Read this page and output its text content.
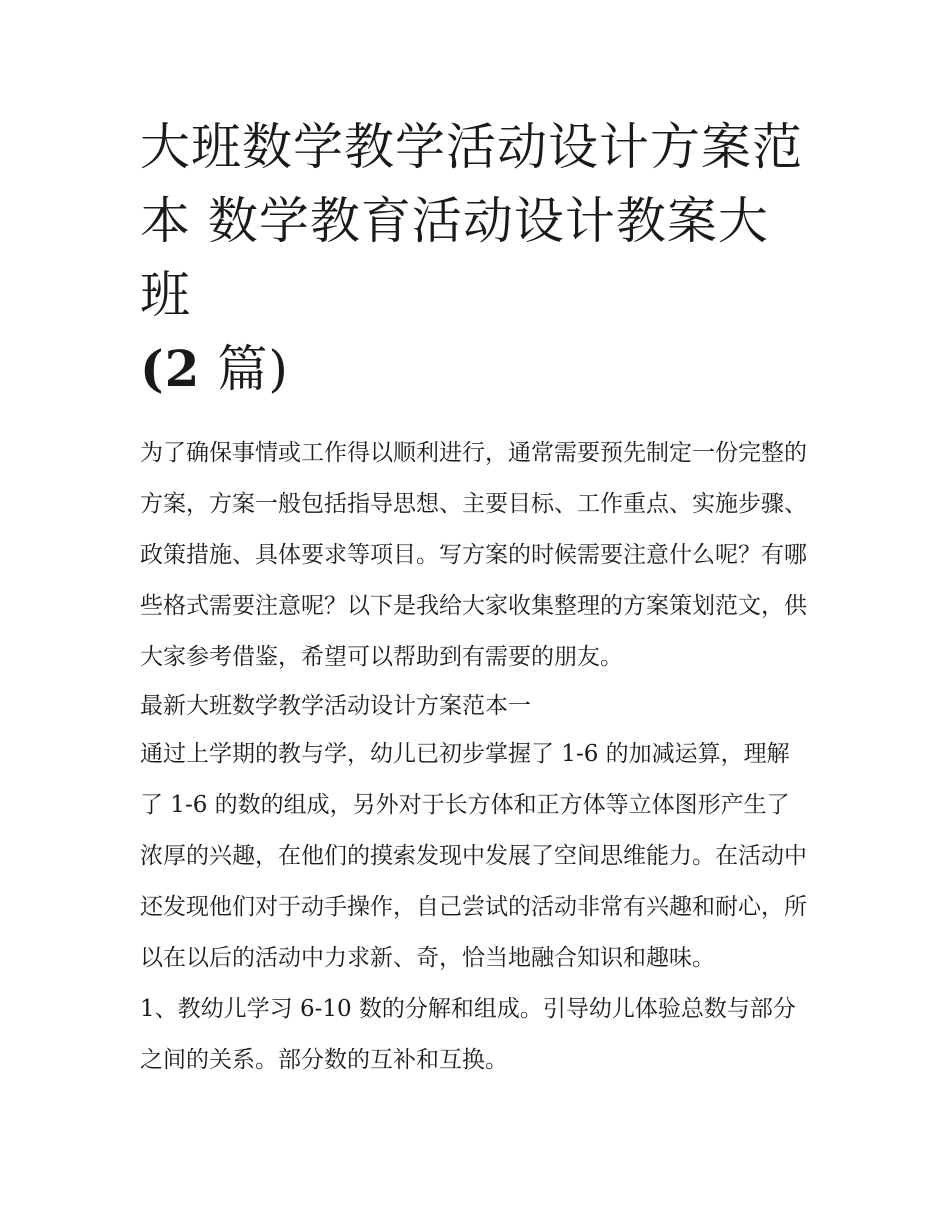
大班数学教学活动设计方案范
本 数学教育活动设计教案大班
(2 篇)

为了确保事情或工作得以顺利进行，通常需要预先制定一份完整的方案，方案一般包括指导思想、主要目标、工作重点、实施步骤、政策措施、具体要求等项目。写方案的时候需要注意什么呢？有哪些格式需要注意呢？以下是我给大家收集整理的方案策划范文，供大家参考借鉴，希望可以帮助到有需要的朋友。

最新大班数学教学活动设计方案范本一

通过上学期的教与学，幼儿已初步掌握了 1-6 的加减运算，理解了 1-6 的数的组成，另外对于长方体和正方体等立体图形产生了浓厚的兴趣，在他们的摸索发现中发展了空间思维能力。在活动中还发现他们对于动手操作，自己尝试的活动非常有兴趣和耐心，所以在以后的活动中力求新、奇，恰当地融合知识和趣味。

1、教幼儿学习 6-10 数的分解和组成。引导幼儿体验总数与部分之间的关系。部分数的互补和互换。
